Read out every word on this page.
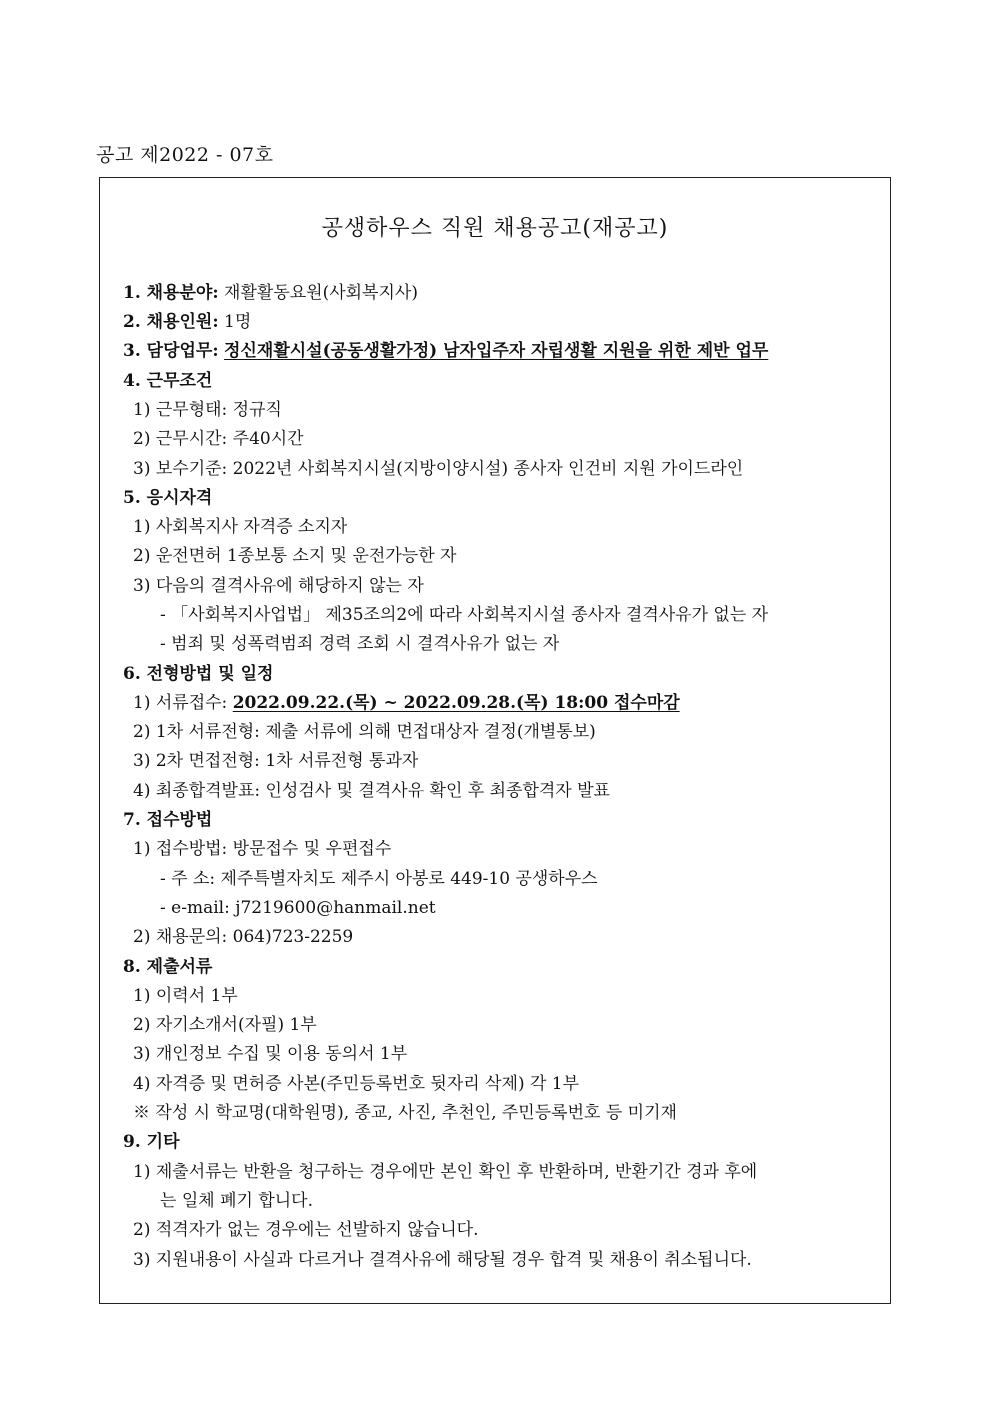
공고 제2022 - 07호
공생하우스 직원 채용공고(재공고)
1. 채용분야: 재활활동요원(사회복지사)
2. 채용인원: 1명
3. 담당업무: 정신재활시설(공동생활가정) 남자입주자 자립생활 지원을 위한 제반 업무
4. 근무조건
1) 근무형태: 정규직
2) 근무시간: 주40시간
3) 보수기준: 2022년 사회복지시설(지방이양시설) 종사자 인건비 지원 가이드라인
5. 응시자격
1) 사회복지사 자격증 소지자
2) 운전면허 1종보통 소지 및 운전가능한 자
3) 다음의 결격사유에 해당하지 않는 자
- 「사회복지사업법」 제35조의2에 따라 사회복지시설 종사자 결격사유가 없는 자
- 범죄 및 성폭력범죄 경력 조회 시 결격사유가 없는 자
6. 전형방법 및 일정
1) 서류접수: 2022.09.22.(목) ~ 2022.09.28.(목) 18:00 접수마감
2) 1차 서류전형: 제출 서류에 의해 면접대상자 결정(개별통보)
3) 2차 면접전형: 1차 서류전형 통과자
4) 최종합격발표: 인성검사 및 결격사유 확인 후 최종합격자 발표
7. 접수방법
1) 접수방법: 방문접수 및 우편접수
- 주 소: 제주특별자치도 제주시 아봉로 449-10 공생하우스
- e-mail: j7219600@hanmail.net
2) 채용문의: 064)723-2259
8. 제출서류
1) 이력서 1부
2) 자기소개서(자필) 1부
3) 개인정보 수집 및 이용 동의서 1부
4) 자격증 및 면허증 사본(주민등록번호 뒷자리 삭제) 각 1부
※ 작성 시 학교명(대학원명), 종교, 사진, 추천인, 주민등록번호 등 미기재
9. 기타
1) 제출서류는 반환을 청구하는 경우에만 본인 확인 후 반환하며, 반환기간 경과 후에
는 일체 폐기 합니다.
2) 적격자가 없는 경우에는 선발하지 않습니다.
3) 지원내용이 사실과 다르거나 결격사유에 해당될 경우 합격 및 채용이 취소됩니다.
